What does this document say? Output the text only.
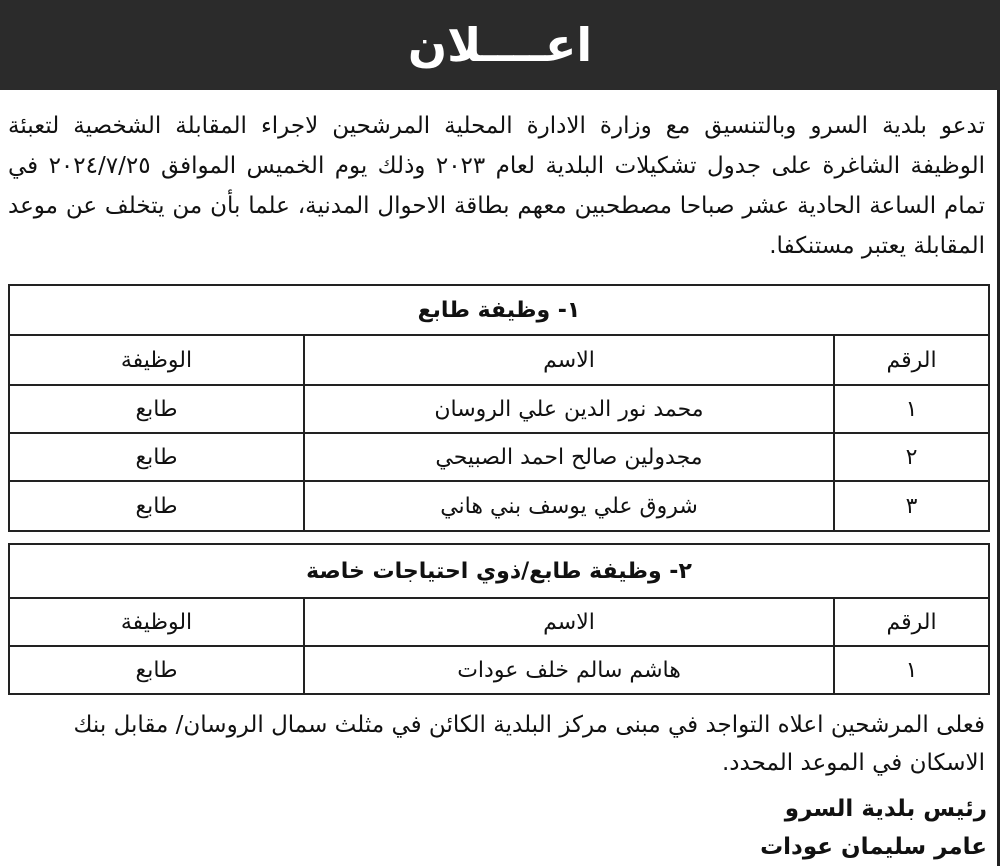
اعــــلان
تدعو بلدية السرو وبالتنسيق مع وزارة الادارة المحلية المرشحين لاجراء المقابلة الشخصية لتعبئة الوظيفة الشاغرة على جدول تشكيلات البلدية لعام ٢٠٢٣ وذلك يوم الخميس الموافق ٢٠٢٤/٧/٢٥ في تمام الساعة الحادية عشر صباحا مصطحبين معهم بطاقة الاحوال المدنية، علما بأن من يتخلف عن موعد المقابلة يعتبر مستنكفا.
١- وظيفة طابع		
الرقم	الاسم	الوظيفة
١	محمد نور الدين علي الروسان	طابع
٢	مجدولين صالح احمد الصبيحي	طابع
٣	شروق علي يوسف بني هاني	طابع
٢- وظيفة طابع/ذوي احتياجات خاصة		
الرقم	الاسم	الوظيفة
١	هاشم سالم خلف عودات	طابع
فعلى المرشحين اعلاه التواجد في مبنى مركز البلدية الكائن في مثلث سمال الروسان/ مقابل بنك الاسكان في الموعد المحدد.
رئيس بلدية السرو
عامر سليمان عودات
